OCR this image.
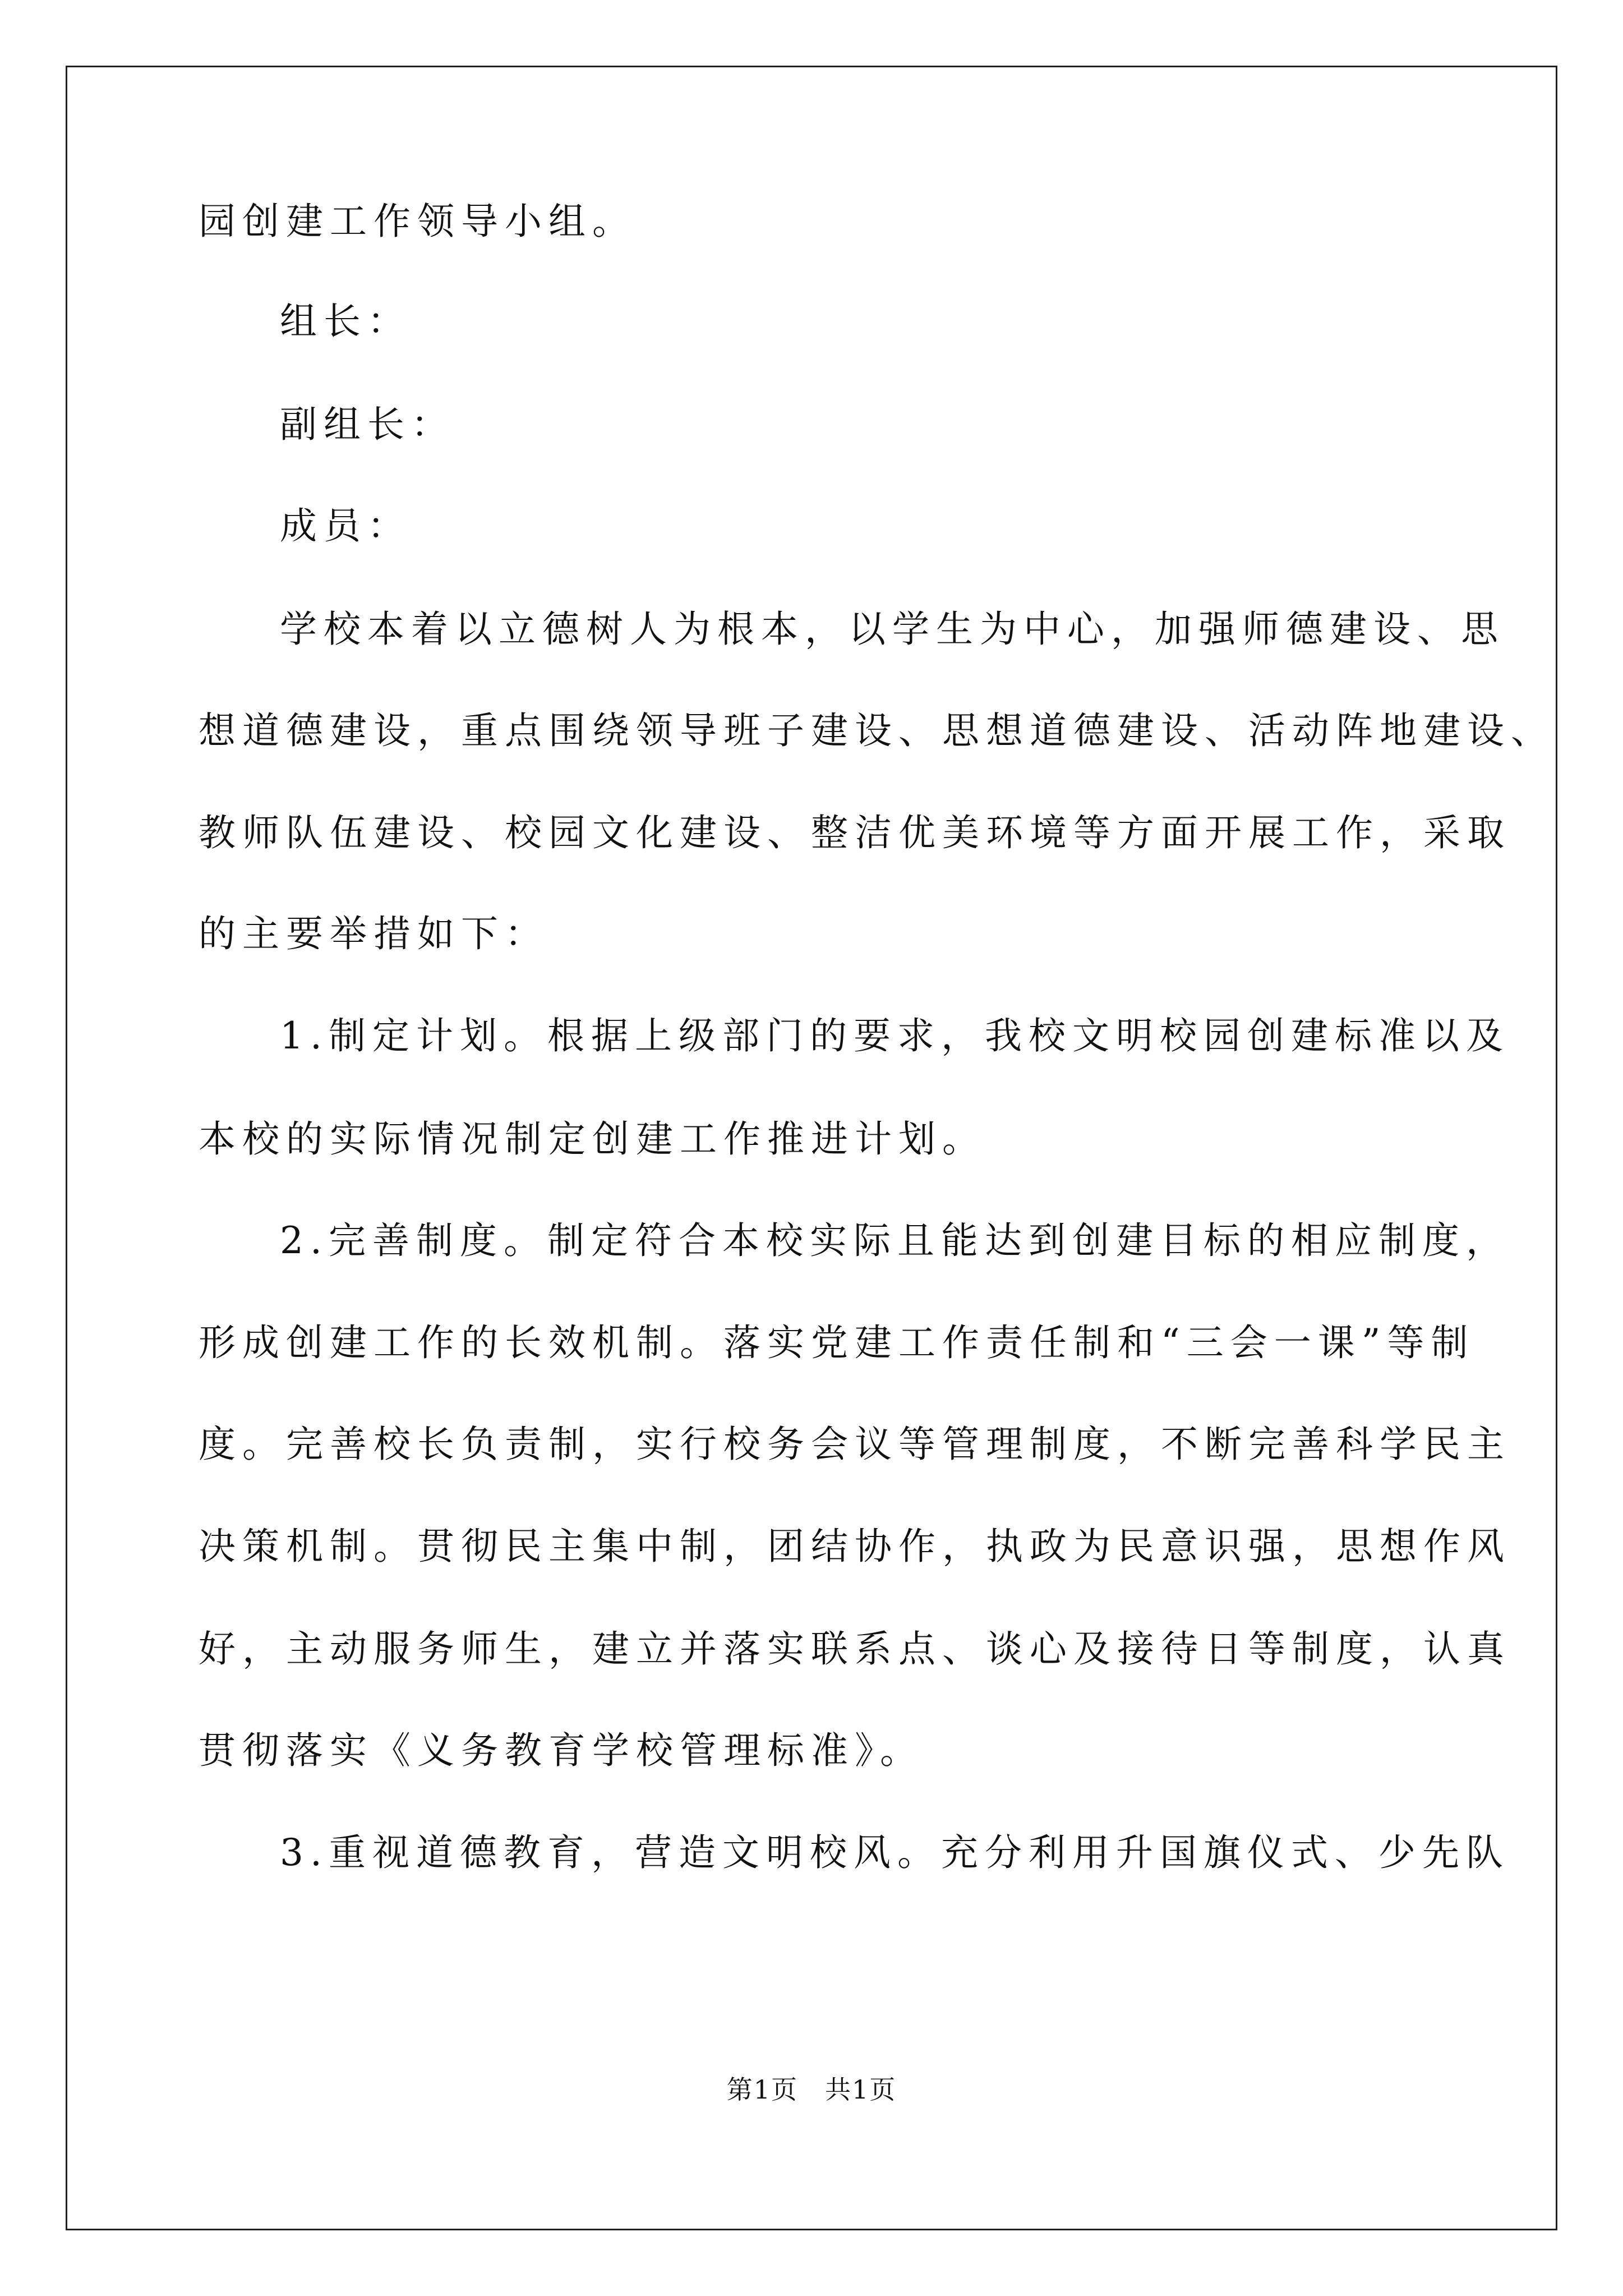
园创建工作领导小组。
组长：
副组长：
成员：
学校本着以立德树人为根本，以学生为中心，加强师德建设、思
想道德建设，重点围绕领导班子建设、思想道德建设、活动阵地建设、
教师队伍建设、校园文化建设、整洁优美环境等方面开展工作，采取
的主要举措如下：
1.制定计划。根据上级部门的要求，我校文明校园创建标准以及
本校的实际情况制定创建工作推进计划。
2.完善制度。制定符合本校实际且能达到创建目标的相应制度，
形成创建工作的长效机制。落实党建工作责任制和“三会一课”等制
度。完善校长负责制，实行校务会议等管理制度，不断完善科学民主
决策机制。贯彻民主集中制，团结协作，执政为民意识强，思想作风
好，主动服务师生，建立并落实联系点、谈心及接待日等制度，认真
贯彻落实《义务教育学校管理标准》。
3.重视道德教育，营造文明校风。充分利用升国旗仪式、少先队
第1页　共1页
